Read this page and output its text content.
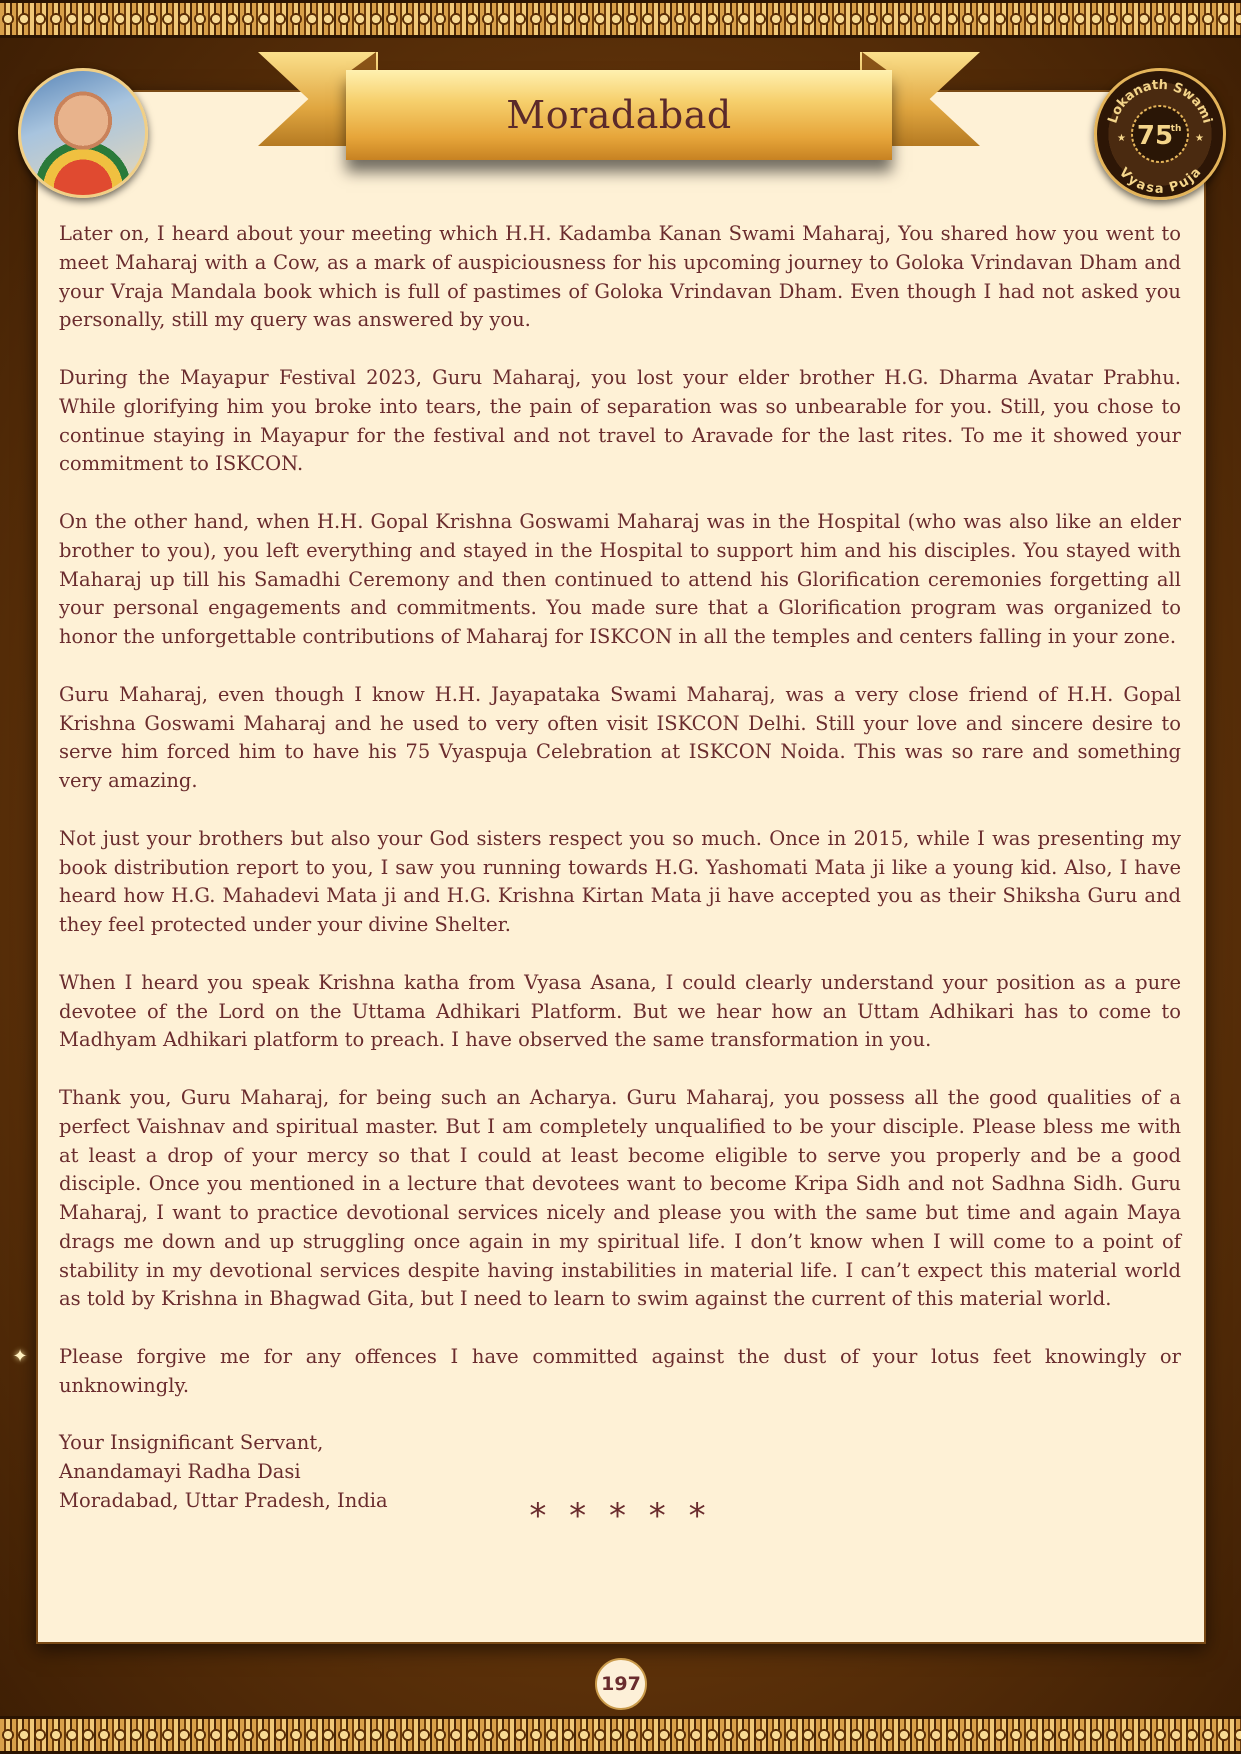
Moradabad	Lokanath Swami
Vyasa Puja
75
th
★	★

Later on, I heard about your meeting which H.H. Kadamba Kanan Swami Maharaj, You shared how you went to meet Maharaj with a Cow, as a mark of auspiciousness for his upcoming journey to Goloka Vrindavan Dham and your Vraja Mandala book which is full of pastimes of Goloka Vrindavan Dham. Even though I had not asked you personally, still my query was answered by you.

During the Mayapur Festival 2023, Guru Maharaj, you lost your elder brother H.G. Dharma Avatar Prabhu. While glorifying him you broke into tears, the pain of separation was so unbearable for you. Still, you chose to continue staying in Mayapur for the festival and not travel to Aravade for the last rites. To me it showed your commitment to ISKCON.

On the other hand, when H.H. Gopal Krishna Goswami Maharaj was in the Hospital (who was also like an elder brother to you), you left everything and stayed in the Hospital to support him and his disciples. You stayed with Maharaj up till his Samadhi Ceremony and then continued to attend his Glorification ceremonies forgetting all your personal engagements and commitments. You made sure that a Glorification program was organized to honor the unforgettable contributions of Maharaj for ISKCON in all the temples and centers falling in your zone.

Guru Maharaj, even though I know H.H. Jayapataka Swami Maharaj, was a very close friend of H.H. Gopal Krishna Goswami Maharaj and he used to very often visit ISKCON Delhi. Still your love and sincere desire to serve him forced him to have his 75 Vyaspuja Celebration at ISKCON Noida. This was so rare and something very amazing.

Not just your brothers but also your God sisters respect you so much. Once in 2015, while I was presenting my book distribution report to you, I saw you running towards H.G. Yashomati Mata ji like a young kid. Also, I have heard how H.G. Mahadevi Mata ji and H.G. Krishna Kirtan Mata ji have accepted you as their Shiksha Guru and they feel protected under your divine Shelter.

When I heard you speak Krishna katha from Vyasa Asana, I could clearly understand your position as a pure devotee of the Lord on the Uttama Adhikari Platform. But we hear how an Uttam Adhikari has to come to Madhyam Adhikari platform to preach. I have observed the same transformation in you.

Thank you, Guru Maharaj, for being such an Acharya. Guru Maharaj, you possess all the good qualities of a perfect Vaishnav and spiritual master. But I am completely unqualified to be your disciple. Please bless me with at least a drop of your mercy so that I could at least become eligible to serve you properly and be a good disciple. Once you mentioned in a lecture that devotees want to become Kripa Sidh and not Sadhna Sidh. Guru Maharaj, I want to practice devotional services nicely and please you with the same but time and again Maya drags me down and up struggling once again in my spiritual life. I don’t know when I will come to a point of stability in my devotional services despite having instabilities in material life. I can’t expect this material world as told by Krishna in Bhagwad Gita, but I need to learn to swim against the current of this material world.

Please forgive me for any offences I have committed against the dust of your lotus feet knowingly or unknowingly.

Your Insignificant Servant,
Anandamayi Radha Dasi
Moradabad, Uttar Pradesh, India	* * * * *
✦
197
